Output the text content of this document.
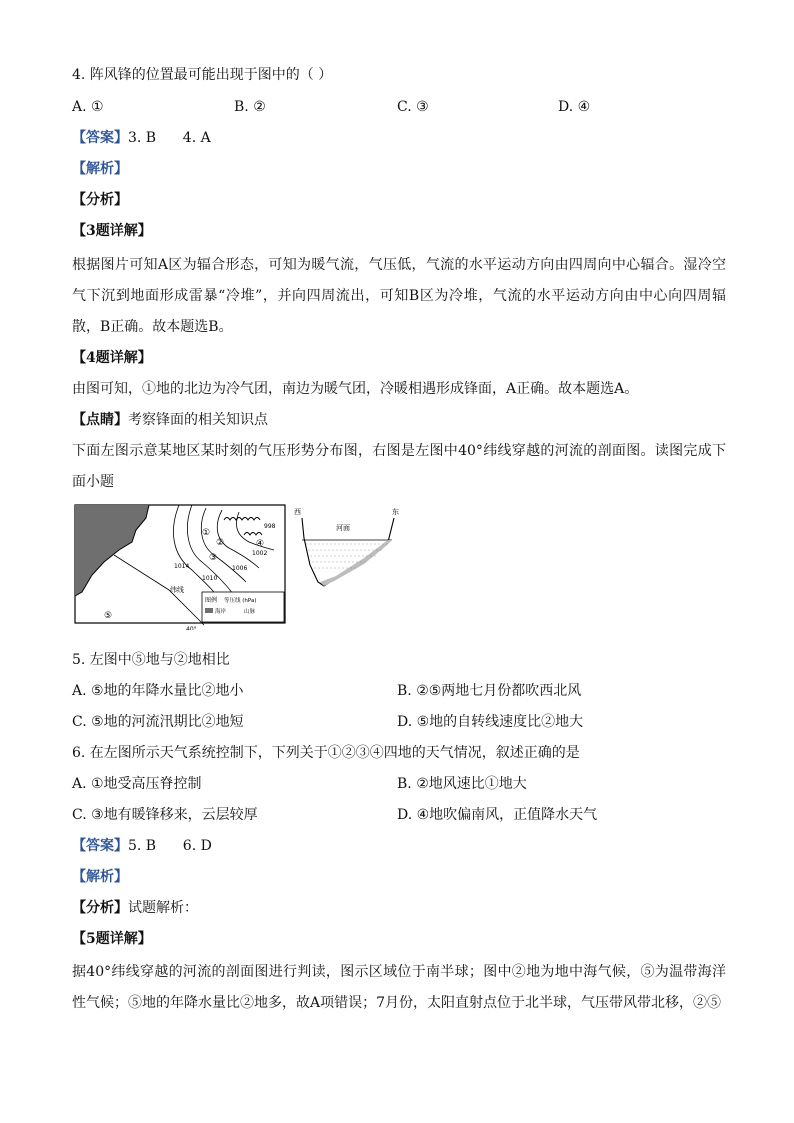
4. 阵风锋的位置最可能出现于图中的（ ）
A. ①	B. ②	C. ③	D. ④
【答案】3. B      4. A
【解析】
【分析】
【3题详解】
根据图片可知A区为辐合形态，可知为暖气流，气压低，气流的水平运动方向由四周向中心辐合。湿冷空气下沉到地面形成雷暴“冷堆”，并向四周流出，可知B区为冷堆，气流的水平运动方向由中心向四周辐散，B正确。故本题选B。
【4题详解】
由图可知，①地的北边为冷气团，南边为暖气团，冷暖相遇形成锋面，A正确。故本题选A。
【点睛】考察锋面的相关知识点
下面左图示意某地区某时刻的气压形势分布图，右图是左图中40°纬线穿越的河流的剖面图。读图完成下面小题
图例 等压线 (hPa)
海岸	山脉
1014
1010
1006
1002
998
①
②
③
④
⑤
纬线
40°
西	东
河面
5. 左图中⑤地与②地相比
A. ⑤地的年降水量比②地小	B. ②⑤两地七月份都吹西北风
C. ⑤地的河流汛期比②地短	D. ⑤地的自转线速度比②地大
6. 在左图所示天气系统控制下，下列关于①②③④四地的天气情况，叙述正确的是
A. ①地受高压脊控制	B. ②地风速比①地大
C. ③地有暖锋移来，云层较厚	D. ④地吹偏南风，正值降水天气
【答案】5. B      6. D
【解析】
【分析】试题解析：
【5题详解】
据40°纬线穿越的河流的剖面图进行判读，图示区域位于南半球；图中②地为地中海气候，⑤为温带海洋性气候；⑤地的年降水量比②地多，故A项错误；7月份，太阳直射点位于北半球，气压带风带北移，②⑤
